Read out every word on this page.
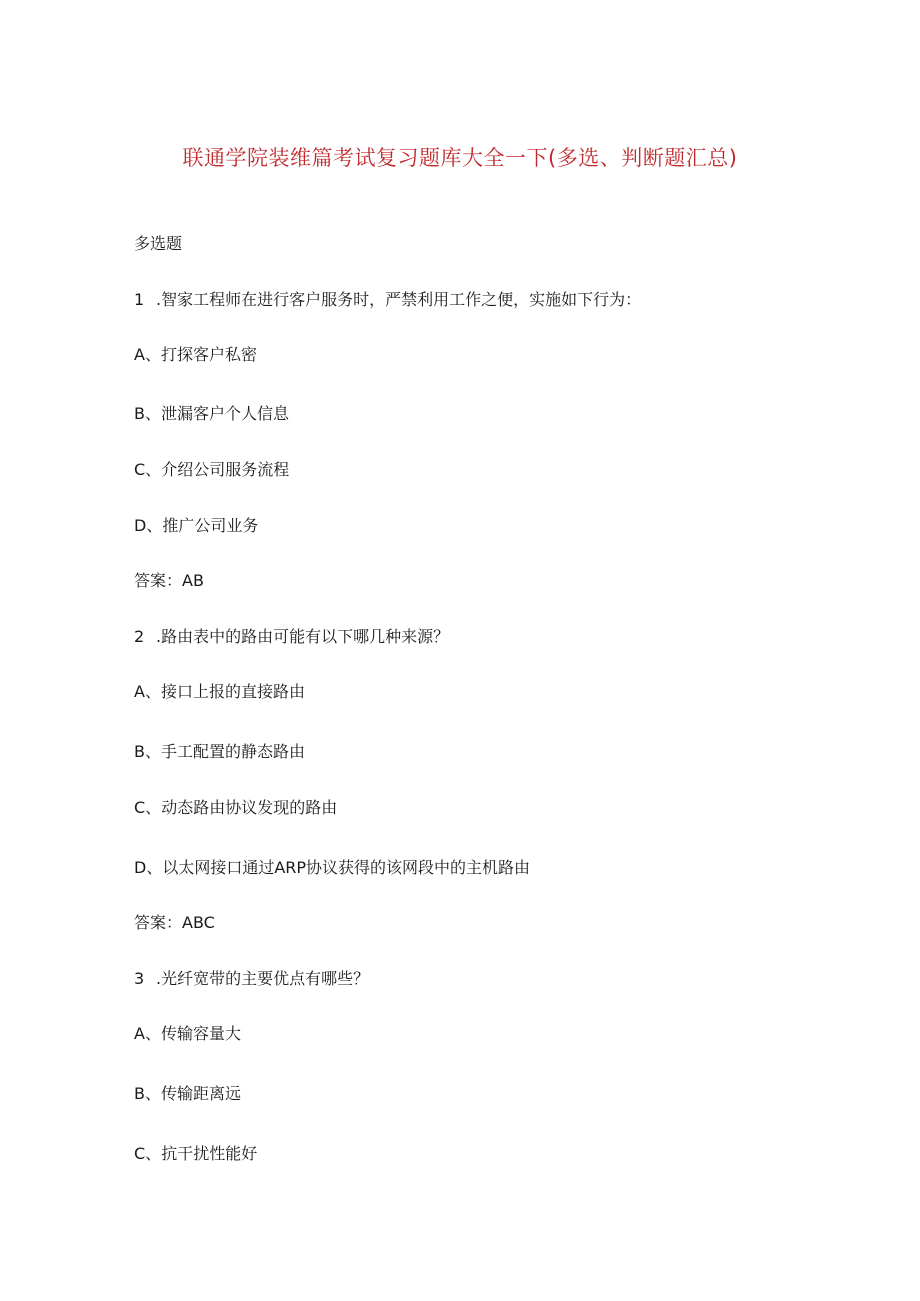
联通学院装维篇考试复习题库大全一下(多选、判断题汇总)
多选题
1 .智家工程师在进行客户服务时，严禁利用工作之便，实施如下行为：
A、打探客户私密
B、泄漏客户个人信息
C、介绍公司服务流程
D、推广公司业务
答案：AB
2 .路由表中的路由可能有以下哪几种来源？
A、接口上报的直接路由
B、手工配置的静态路由
C、动态路由协议发现的路由
D、以太网接口通过ARP协议获得的该网段中的主机路由
答案：ABC
3 .光纤宽带的主要优点有哪些？
A、传输容量大
B、传输距离远
C、抗干扰性能好
